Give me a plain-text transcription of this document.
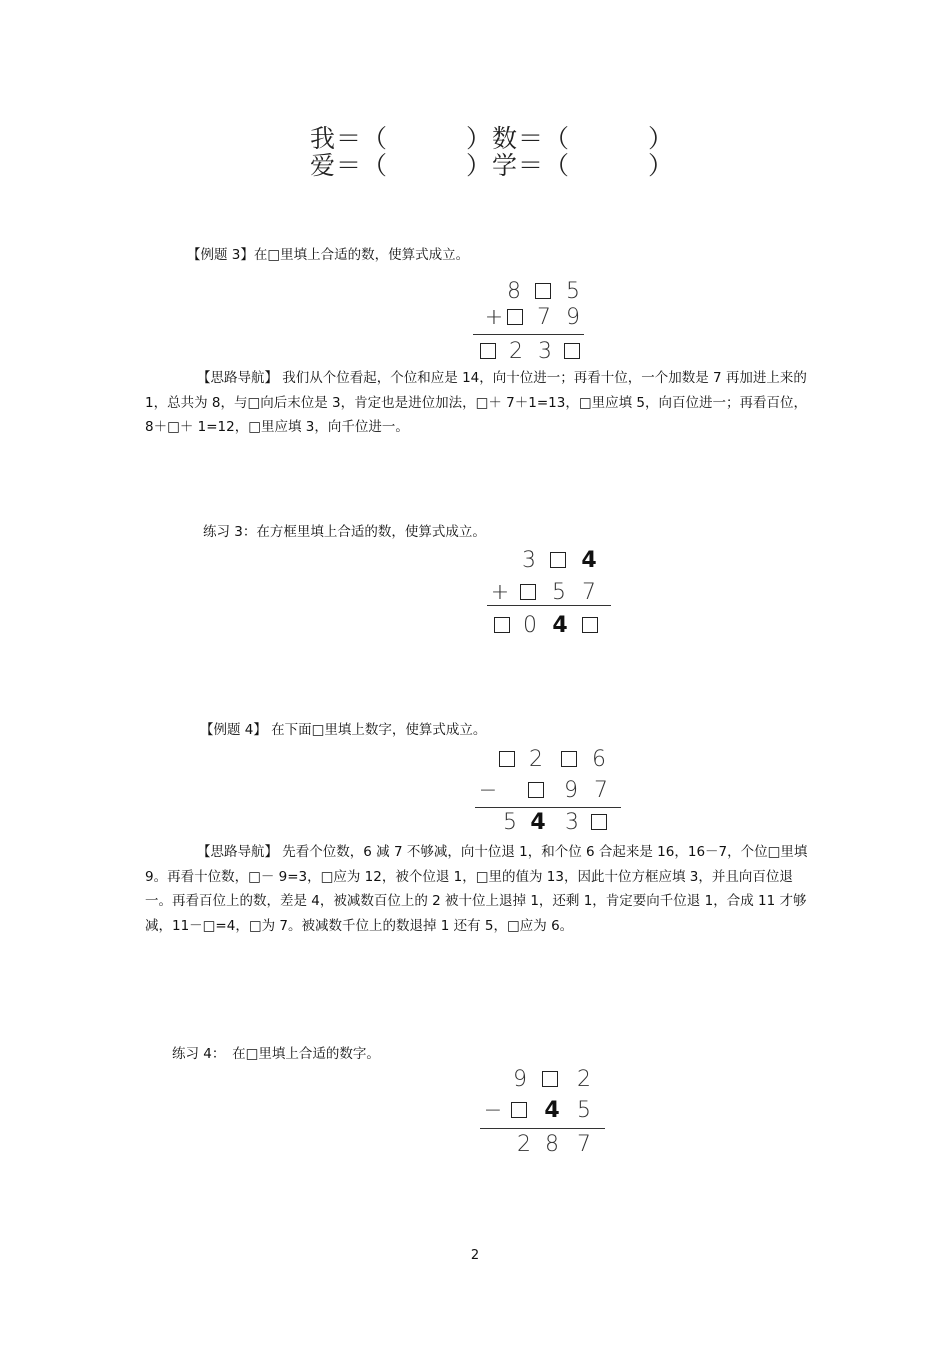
我＝（　　　）数＝（　　　）
爱＝（　　　）学＝（　　　）
【例题 3】在□里填上合适的数，使算式成立。
8 5
+ 7 9
2 3

【思路导航】 我们从个位看起，个位和应是 14，向十位进一；再看十位，一个加数是 7 再加进上来的 1，总共为 8，与□向后末位是 3，肯定也是进位加法，□＋ 7＋1=13，□里应填 5，向百位进一；再看百位，8＋□＋ 1=12，□里应填 3，向千位进一。

练习 3：在方框里填上合适的数，使算式成立。
3 4
+ 5 7
0 4
【例题 4】 在下面□里填上数字，使算式成立。
2 6
−	9 7
5 4 3

【思路导航】 先看个位数，6 减 7 不够减，向十位退 1，和个位 6 合起来是 16，16－7，个位□里填 9。再看十位数，□－ 9=3，□应为 12，被个位退 1，□里的值为 13，因此十位方框应填 3，并且向百位退一。再看百位上的数，差是 4，被减数百位上的 2 被十位上退掉 1，还剩 1，肯定要向千位退 1，合成 11 才够减，11－□=4，□为 7。被减数千位上的数退掉 1 还有 5，□应为 6。

练习 4：　在□里填上合适的数字。
9 2
− 4 5
2 8 7
2
